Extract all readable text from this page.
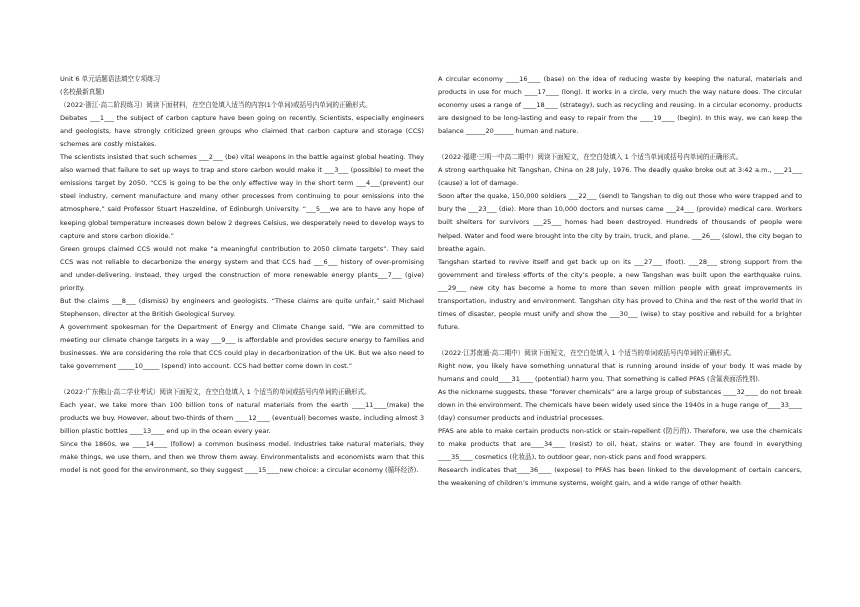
Unit 6 单元话题语法填空专项练习

(名校最新真题)

（2022·浙江·高二阶段练习）阅读下面材料，在空白处填入适当的内容(1个单词)或括号内单词的正确形式。

Debates ___1___ the subject of carbon capture have been going on recently. Scientists, especially engineers and geologists, have strongly criticized green groups who claimed that carbon capture and storage (CCS) schemes are costly mistakes.

The scientists insisted that such schemes ___2___ (be) vital weapons in the battle against global heating. They also warned that failure to set up ways to trap and store carbon would make it ___3___ (possible) to meet the emissions target by 2050. “CCS is going to be the only effective way in the short term ___4___(prevent) our steel industry, cement manufacture and many other processes from continuing to pour emissions into the atmosphere,” said Professor Stuart Haszeldine, of Edinburgh University. “___5___we are to have any hope of keeping global temperature increases down below 2 degrees Celsius, we desperately need to develop ways to capture and store carbon dioxide.”

Green groups claimed CCS would not make “a meaningful contribution to 2050 climate targets”. They said CCS was not reliable to decarbonize the energy system and that CCS had ___6___ history of over-promising and under-delivering. Instead, they urged the construction of more renewable energy plants___7___ (give) priority.

But the claims ___8___ (dismiss) by engineers and geologists. “These claims are quite unfair,” said Michael Stephenson, director at the British Geological Survey.

A government spokesman for the Department of Energy and Climate Change said, “We are committed to meeting our climate change targets in a way ___9___ is affordable and provides secure energy to families and businesses. We are considering the role that CCS could play in decarbonization of the UK. But we also need to take government _____10_____ (spend) into account. CCS had better come down in cost.”

（2022·广东佛山·高二学业考试）阅读下面短文，在空白处填入 1 个适当的单词或括号内单词的正确形式。

Each year, we take more than 100 billion tons of natural materials from the earth ____11____(make) the products we buy. However, about two-thirds of them ____12____ (eventual) becomes waste, including almost 3 billion plastic bottles ____13____ end up in the ocean every year.

Since the 1860s, we ____14____ (follow) a common business model. Industries take natural materials, they make things, we use them, and then we throw them away. Environmentalists and economists warn that this model is not good for the environment, so they suggest ____15____new choice: a circular economy (循环经济).

A circular economy ____16____ (base) on the idea of reducing waste by keeping the natural, materials and products in use for much ____17____ (long). It works in a circle, very much the way nature does. The circular economy uses a range of ____18____ (strategy), such as recycling and reusing. In a circular economy, products are designed to be long-lasting and easy to repair from the ____19____ (begin). In this way, we can keep the balance ______20______ human and nature.

（2022·福建·三明一中高二期中）阅读下面短文，在空白处填入 1 个适当单词或括号内单词的正确形式。

A strong earthquake hit Tangshan, China on 28 July, 1976. The deadly quake broke out at 3:42 a.m., ___21___ (cause) a lot of damage.

Soon after the quake, 150,000 soldiers ___22___ (send) to Tangshan to dig out those who were trapped and to bury the ___23___ (die). More than 10,000 doctors and nurses came ___24___ (provide) medical care. Workers built shelters for survivors ___25___ homes had been destroyed. Hundreds of thousands of people were helped. Water and food were brought into the city by train, truck, and plane. ___26___ (slow), the city began to breathe again.

Tangshan started to revive itself and get back up on its ___27___ (foot). ___28___ strong support from the government and tireless efforts of the city’s people, a new Tangshan was built upon the earthquake ruins. ___29___ new city has become a home to more than seven million people with great improvements in transportation, industry and environment. Tangshan city has proved to China and the rest of the world that in times of disaster, people must unify and show the ___30___ (wise) to stay positive and rebuild for a brighter future.

（2022·江苏南通·高二期中）阅读下面短文，在空白处填入 1 个适当的单词或括号内单词的正确形式。

Right now, you likely have something unnatural that is running around inside of your body. It was made by humans and could____31____ (potential) harm you. That something is called PFAS (含氟表面活性剂).

As the nickname suggests, these “forever chemicals” are a large group of substances ____32____ do not break down in the environment. The chemicals have been widely used since the 1940s in a huge range of____33____ (day) consumer products and industrial processes.

PFAS are able to make certain products non-stick or stain-repellent (防污的). Therefore, we use the chemicals to make products that are____34____ (resist) to oil, heat, stains or water. They are found in everything ____35____ cosmetics (化妆品), to outdoor gear, non-stick pans and food wrappers.

Research indicates that____36____ (expose) to PFAS has been linked to the development of certain cancers, the weakening of children’s immune systems, weight gain, and a wide range of other health
